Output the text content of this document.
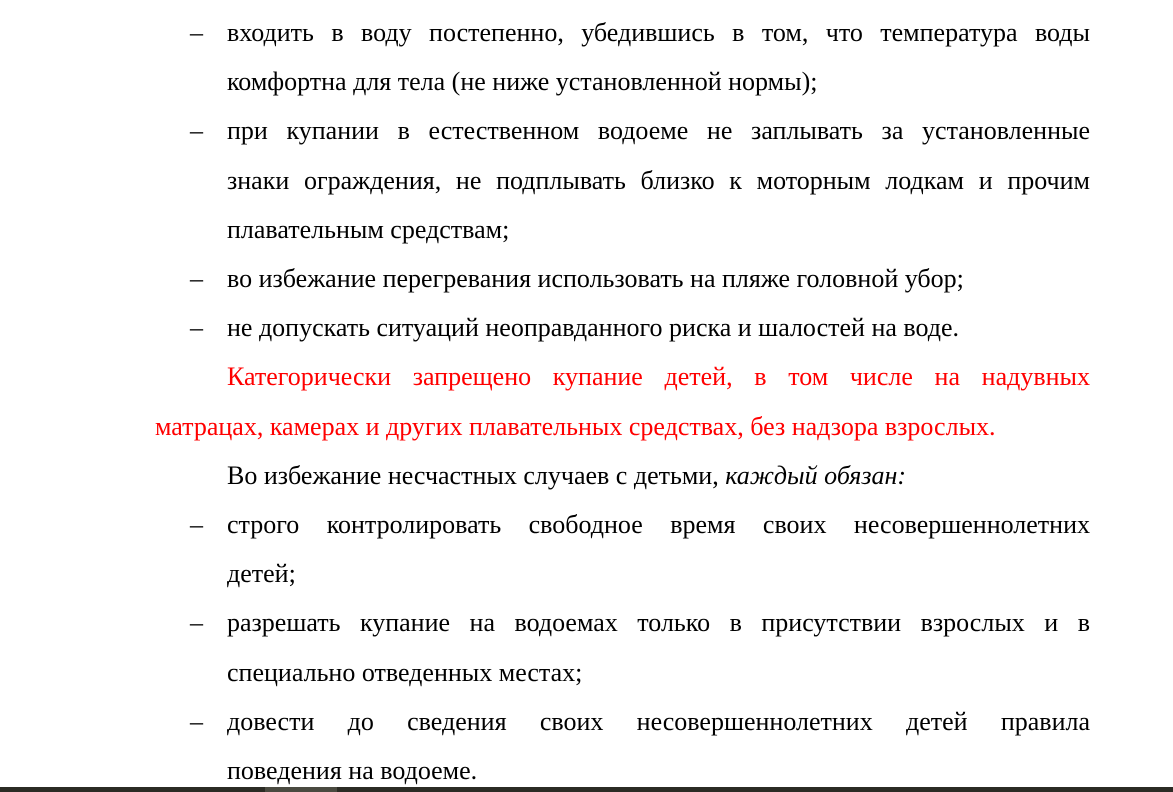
– входить в воду постепенно, убедившись в том, что температура воды
комфортна для тела (не ниже установленной нормы);
– при купании в естественном водоеме не заплывать за установленные
знаки ограждения, не подплывать близко к моторным лодкам и прочим
плавательным средствам;
– во избежание перегревания использовать на пляже головной убор;
– не допускать ситуаций неоправданного риска и шалостей на воде.
Категорически запрещено купание детей, в том числе на надувных
матрацах, камерах и других плавательных средствах, без надзора взрослых.
Во избежание несчастных случаев с детьми, каждый обязан:
– строго контролировать свободное время своих несовершеннолетних
детей;
– разрешать купание на водоемах только в присутствии взрослых и в
специально отведенных местах;
– довести до сведения своих несовершеннолетних детей правила
поведения на водоеме.
